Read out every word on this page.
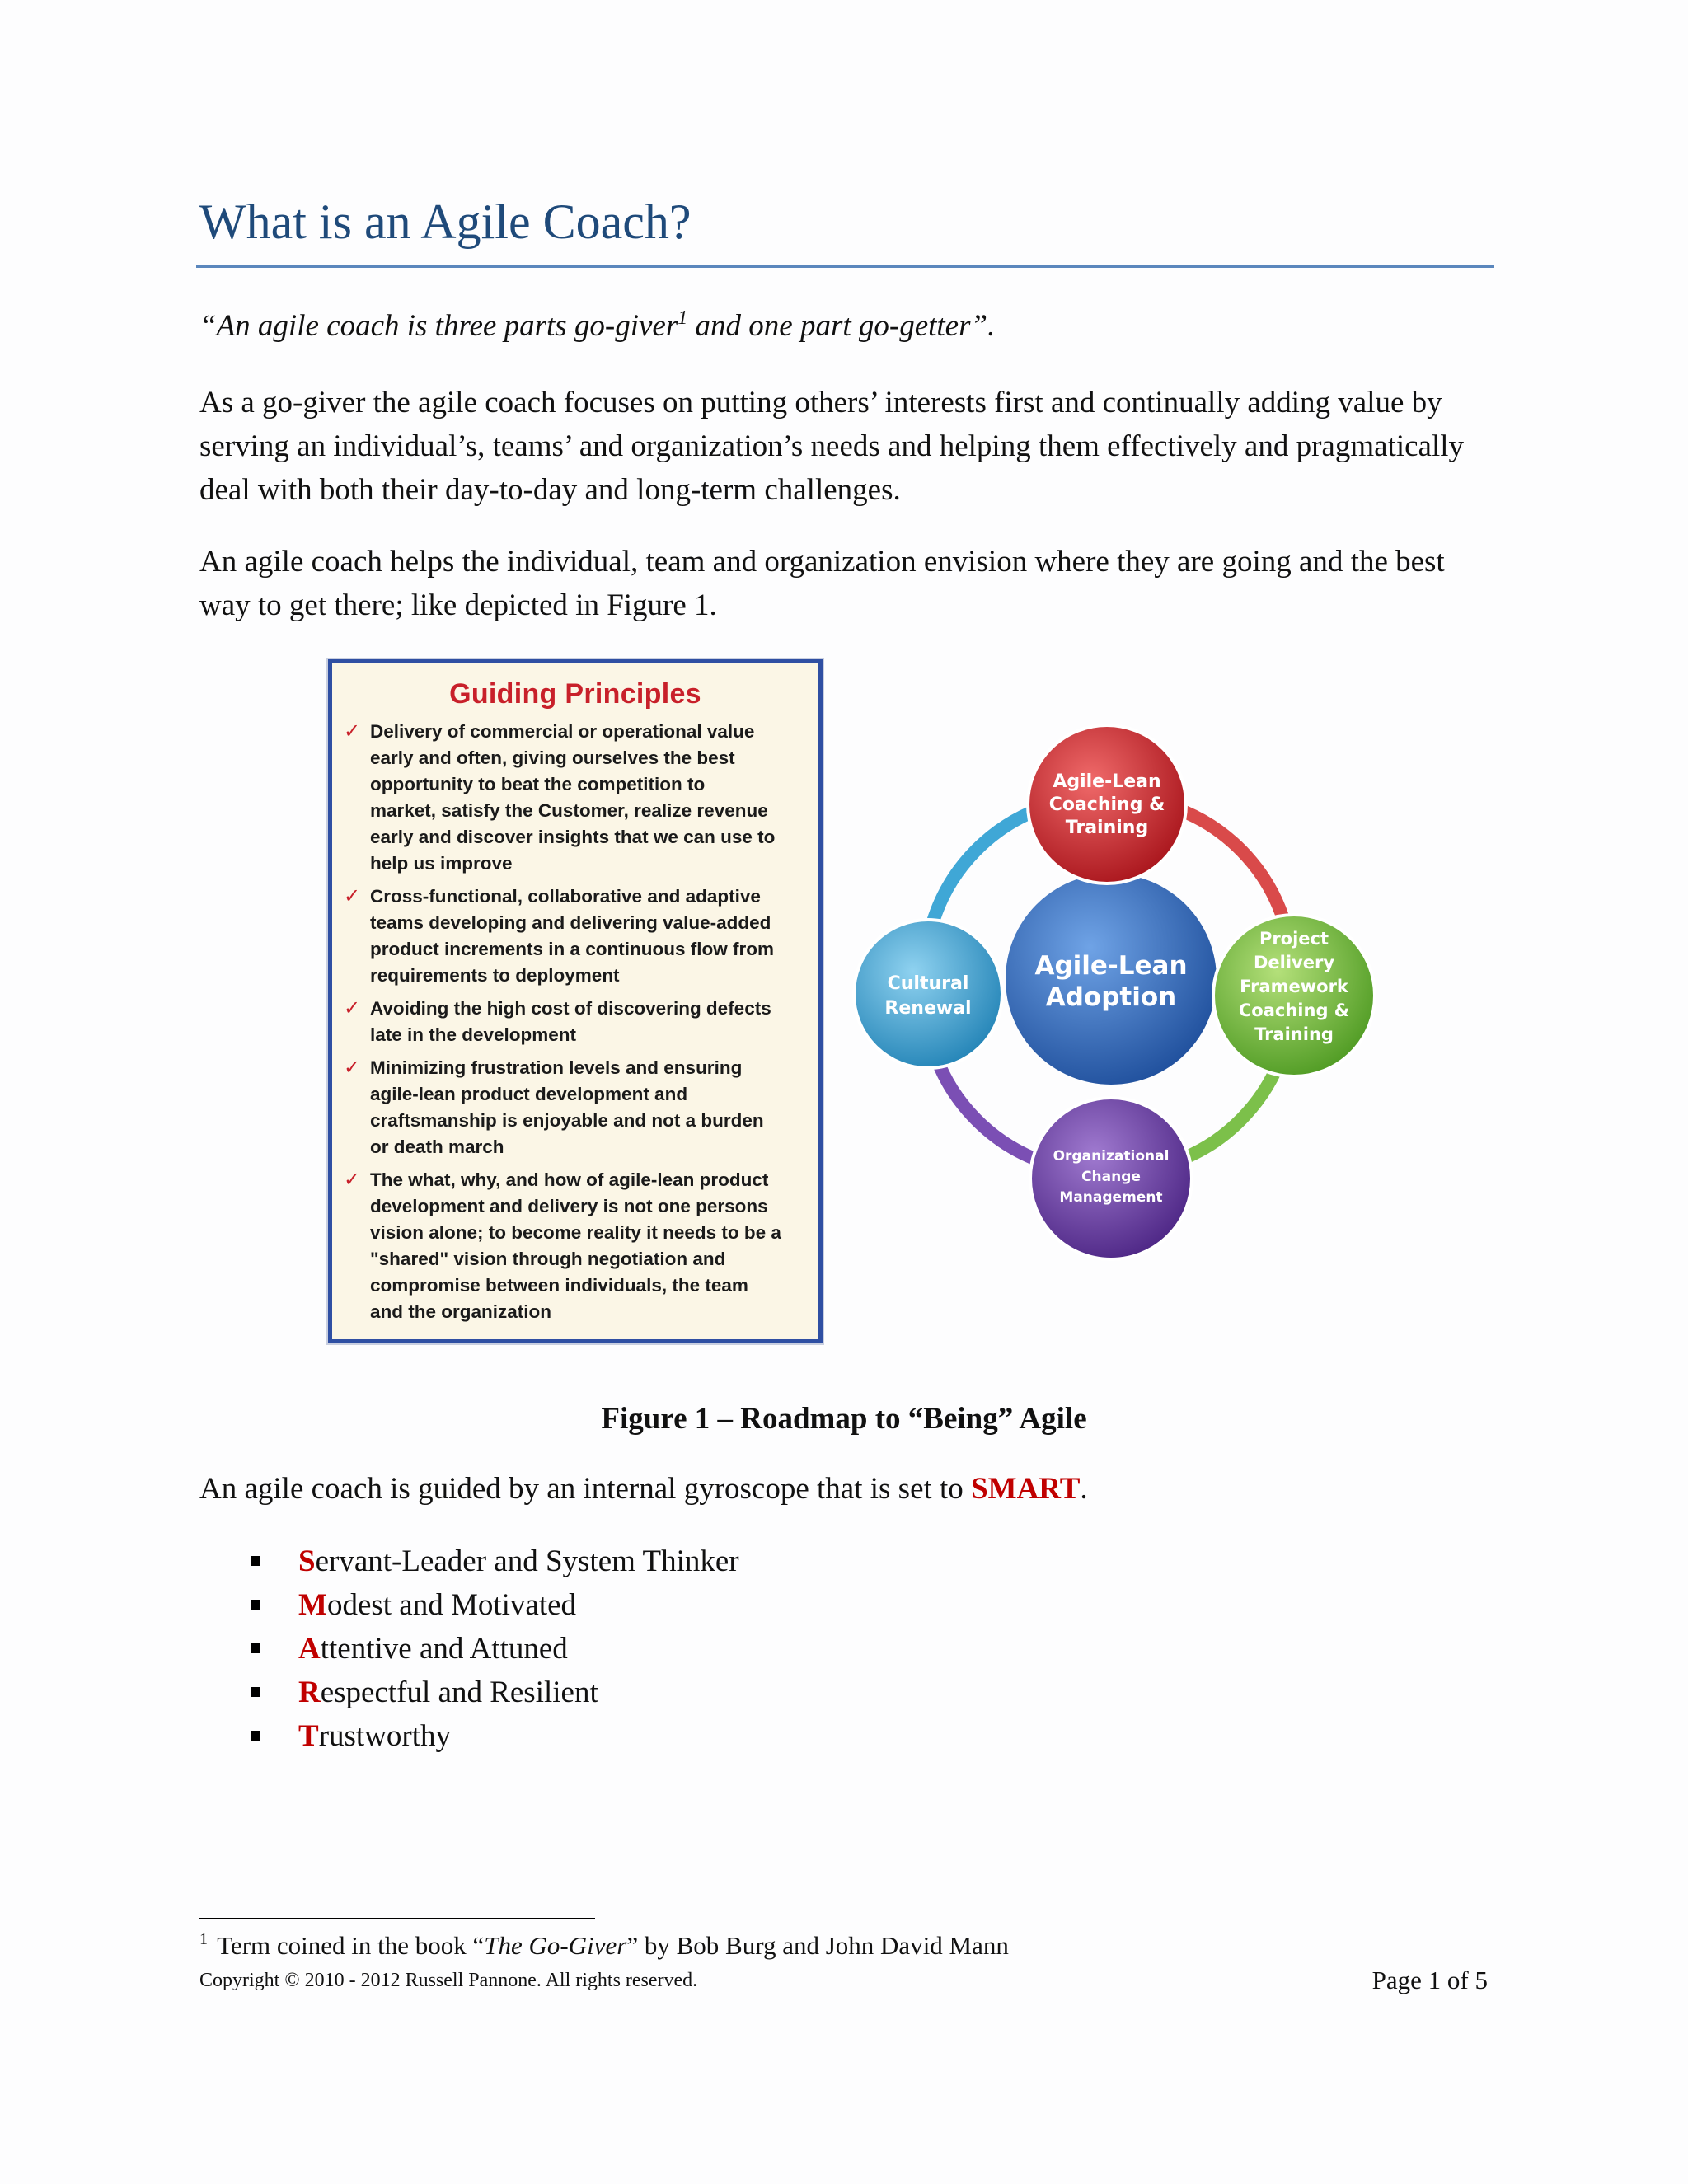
What is an Agile Coach?
“An agile coach is three parts go-giver$^1$ and one part go-getter”.
As a go-giver the agile coach focuses on putting others’ interests first and continually adding value by serving an individual’s, teams’ and organization’s needs and helping them effectively and pragmatically deal with both their day-to-day and long-term challenges.
An agile coach helps the individual, team and organization envision where they are going and the best way to get there; like depicted in Figure 1.
Guiding Principles
✓ Delivery of commercial or operational value
early and often, giving ourselves the best
opportunity to beat the competition to
market, satisfy the Customer, realize revenue
early and discover insights that we can use to
help us improve
✓ Cross-functional, collaborative and adaptive
teams developing and delivering value-added
product increments in a continuous flow from
requirements to deployment
✓ Avoiding the high cost of discovering defects
late in the development
✓ Minimizing frustration levels and ensuring
agile-lean product development and
craftsmanship is enjoyable and not a burden
or death march
✓ The what, why, and how of agile-lean product
development and delivery is not one persons
vision alone; to become reality it needs to be a
"shared" vision through negotiation and
compromise between individuals, the team
and the organization
Agile-Lean
Adoption
Agile-Lean
Coaching &
Training
Project
Delivery
Framework
Coaching &
Training
Organizational
Change
Management
Cultural
Renewal
Figure 1 – Roadmap to “Being” Agile
An agile coach is guided by an internal gyroscope that is set to SMART.
Servant-Leader and System Thinker
Modest and Motivated
Attentive and Attuned
Respectful and Resilient
Trustworthy
$^1$ Term coined in the book “The Go-Giver” by Bob Burg and John David Mann
Copyright © 2010 - 2012 Russell Pannone. All rights reserved.	Page 1 of 5
